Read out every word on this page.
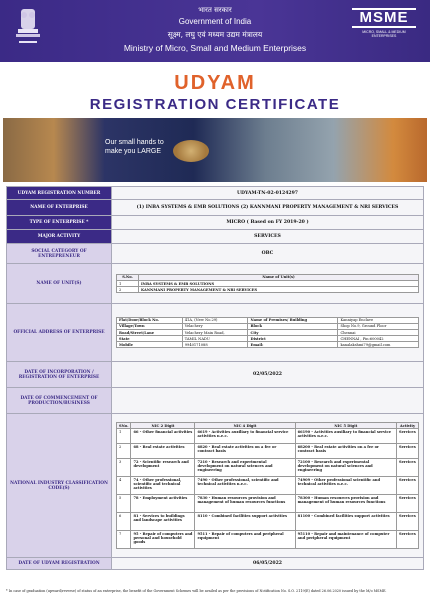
भारत सरकार
Government of India
सूक्ष्म, लघु एवं मध्यम उद्यम मंत्रालय
Ministry of Micro, Small and Medium Enterprises
MSME
MICRO, SMALL & MEDIUM ENTERPRISES
UDYAM
REGISTRATION CERTIFICATE
Our small hands to
make you LARGE
UDYAM REGISTRATION NUMBER	UDYAM-TN-02-0124297
NAME OF ENTERPRISE	(1) INBA SYSTEMS & EMB SOLUTIONS (2) KANNMANI PROPERTY MANAGEMENT & NRI SERVICES
TYPE OF ENTERPRISE *	MICRO ( Based on FY 2019-20 )
MAJOR ACTIVITY	SERVICES
SOCIAL CATEGORY OF ENTREPRENEUR	OBC
NAME OF UNIT(S)	
S.No.	Name of Unit(s)
1	INBA SYSTEMS & EMB SOLUTIONS
2	KANNMANI PROPERTY MANAGEMENT & NRI SERVICES

OFFICIAL ADDRESS OF ENTERPRISE	
Flat/Door/Block No.	41A, (New No.29)	Name of Premises/ Building	Kanniyap Enclave
Village/Town	Velachery	Block	Shop No.9, Ground Floor
Road/Street/Lane	Velachery Main Road,	City	Chennai
State	TAMIL NADU	District	CHENNAI , Pin:600042
Mobile	9940171088	Email:	kanalakshmi79@gmail.com

DATE OF INCORPORATION / REGISTRATION OF ENTERPRISE	02/05/2022
DATE OF COMMENCEMENT OF PRODUCTION/BUSINESS	
NATIONAL INDUSTRY CLASSIFICATION CODE(S)	
SNo.	NIC 2 Digit	NIC 4 Digit	NIC 5 Digit	Activity
1	66 - Other financial activities	6619 - Activities auxiliary to financial service activities n.e.c.	66190 - Activities auxiliary to financial service activities n.e.c.	Services
2	68 - Real estate activities	6820 - Real estate activities on a fee or contract basis	68200 - Real estate activities on a fee or contract basis	Services
3	72 - Scientific research and development	7210 - Research and experimental development on natural sciences and engineering	72100 - Research and experimental development on natural sciences and engineering	Services
4	74 - Other professional, scientific and technical activities	7490 - Other professional, scientific and technical activities n.e.c.	74909 - Other professional scientific and technical activities n.e.c.	Services
5	78 - Employment activities	7830 - Human resources provision and management of human resources functions	78300 - Human resources provision and management of human resources functions	Services
6	81 - Services to buildings and landscape activities	8110 - Combined facilities support activities	81100 - Combined facilities support activities	Services
7	95 - Repair of computers and personal and household goods	9511 - Repair of computers and peripheral equipment	95110 - Repair and maintenance of computer and peripheral equipment	Services

DATE OF UDYAM REGISTRATION	06/05/2022
* In case of graduation (upward/reverse) of status of an enterprise, the benefit of the Government Schemes will be availed as per the provisions of Notification No. S.O. 2119(E) dated 26.06.2020 issued by the M/o MSME.
